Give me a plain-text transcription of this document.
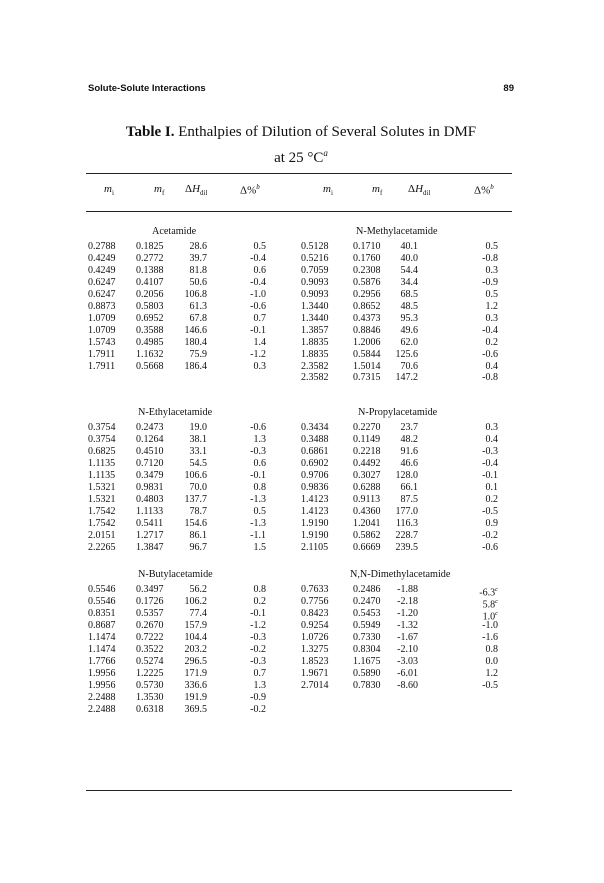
Solute-Solute Interactions	89
Table I. Enthalpies of Dilution of Several Solutes in DMF
at 25 $^\circ C^a$
$m_i$	$m_f$ $\Delta H_{dil}$	Δ%$^b$	$m_i$	$m_f$ $\Delta H_{dil}$	Δ%$^b$
Acetamide
0.2788 0.1825	28.6	0.5
0.4249 0.2772	39.7	-0.4
0.4249 0.1388	81.8	0.6
0.6247 0.4107	50.6	-0.4
0.6247 0.2056 106.8	-1.0
0.8873 0.5803	61.3	-0.6
1.0709 0.6952	67.8	0.7
1.0709 0.3588 146.6	-0.1
1.5743 0.4985 180.4	1.4
1.7911 1.1632	75.9	-1.2
1.7911 0.5668 186.4	0.3
N-Methylacetamide
0.5128 0.1710 40.1	0.5
0.5216 0.1760 40.0	-0.8
0.7059 0.2308 54.4	0.3
0.9093 0.5876 34.4	-0.9
0.9093 0.2956 68.5	0.5
1.3440 0.8652 48.5	1.2
1.3440 0.4373 95.3	0.3
1.3857 0.8846 49.6	-0.4
1.8835 1.2006 62.0	0.2
1.8835 0.5844 125.6	-0.6
2.3582 1.5014 70.6	0.4
2.3582 0.7315 147.2	-0.8
N-Ethylacetamide
0.3754 0.2473	19.0	-0.6
0.3754 0.1264	38.1	1.3
0.6825 0.4510	33.1	-0.3
1.1135 0.7120	54.5	0.6
1.1135 0.3479 106.6	-0.1
1.5321 0.9831	70.0	0.8
1.5321 0.4803 137.7	-1.3
1.7542 1.1133	78.7	0.5
1.7542 0.5411 154.6	-1.3
2.0151 1.2717	86.1	-1.1
2.2265 1.3847	96.7	1.5
N-Propylacetamide
0.3434 0.2270 23.7	0.3
0.3488 0.1149 48.2	0.4
0.6861 0.2218 91.6	-0.3
0.6902 0.4492 46.6	-0.4
0.9706 0.3027 128.0	-0.1
0.9836 0.6288 66.1	0.1
1.4123 0.9113 87.5	0.2
1.4123 0.4360 177.0	-0.5
1.9190 1.2041 116.3	0.9
1.9190 0.5862 228.7	-0.2
2.1105 0.6669 239.5	-0.6
N-Butylacetamide
0.5546 0.3497	56.2	0.8
0.5546 0.1726 106.2	0.2
0.8351 0.5357	77.4	-0.1
0.8687 0.2670 157.9	-1.2
1.1474 0.7222 104.4	-0.3
1.1474 0.3522 203.2	-0.2
1.7766 0.5274 296.5	-0.3
1.9956 1.2225 171.9	0.7
1.9956 0.5730 336.6	1.3
2.2488 1.3530 191.9	-0.9
2.2488 0.6318 369.5	-0.2
N,N-Dimethylacetamide
0.7633 0.2486 -1.88	-6.3$^c$
0.7756 0.2470 -2.18	5.8$^c$
0.8423 0.5453 -1.20	1.0$^c$
0.9254 0.5949 -1.32	-1.0
1.0726 0.7330 -1.67	-1.6
1.3275 0.8304 -2.10	0.8
1.8523 1.1675 -3.03	0.0
1.9671 0.5890 -6.01	1.2
2.7014 0.7830 -8.60	-0.5
